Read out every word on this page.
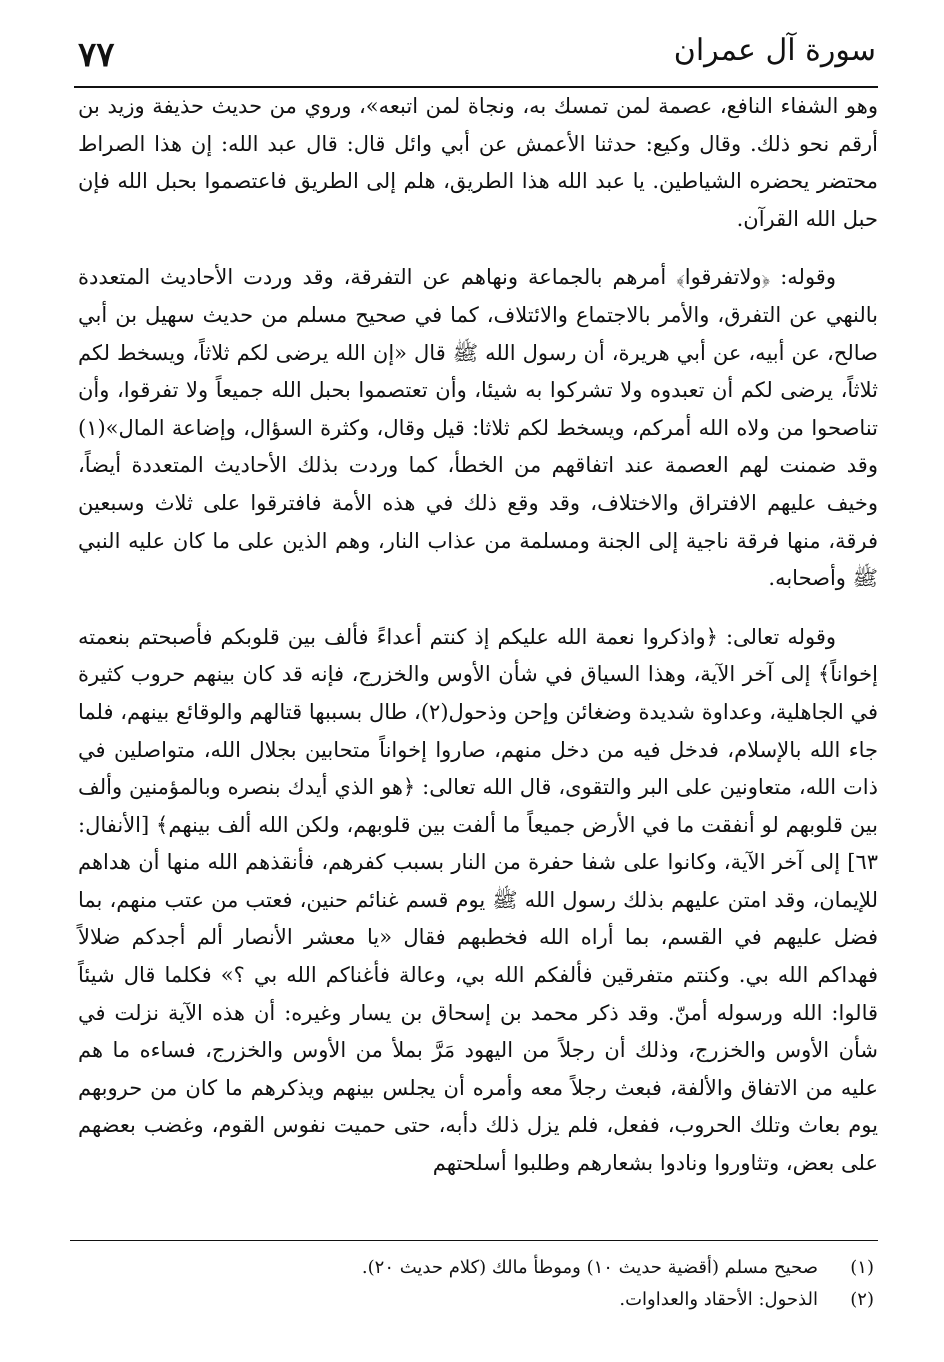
سورة آل عمران
٧٧

وهو الشفاء النافع، عصمة لمن تمسك به، ونجاة لمن اتبعه»، وروي من حديث حذيفة وزيد بن أرقم نحو ذلك. وقال وكيع: حدثنا الأعمش عن أبي وائل قال: قال عبد الله: إن هذا الصراط محتضر يحضره الشياطين. يا عبد الله هذا الطريق، هلم إلى الطريق فاعتصموا بحبل الله فإن حبل الله القرآن.

وقوله: ﴿ولاتفرقوا﴾ أمرهم بالجماعة ونهاهم عن التفرقة، وقد وردت الأحاديث المتعددة بالنهي عن التفرق، والأمر بالاجتماع والائتلاف، كما في صحيح مسلم من حديث سهيل بن أبي صالح، عن أبيه، عن أبي هريرة، أن رسول الله ﷺ قال «إن الله يرضى لكم ثلاثاً، ويسخط لكم ثلاثاً، يرضى لكم أن تعبدوه ولا تشركوا به شيئا، وأن تعتصموا بحبل الله جميعاً ولا تفرقوا، وأن تناصحوا من ولاه الله أمركم، ويسخط لكم ثلاثا: قيل وقال، وكثرة السؤال، وإضاعة المال»(١) وقد ضمنت لهم العصمة عند اتفاقهم من الخطأ، كما وردت بذلك الأحاديث المتعددة أيضاً، وخيف عليهم الافتراق والاختلاف، وقد وقع ذلك في هذه الأمة فافترقوا على ثلاث وسبعين فرقة، منها فرقة ناجية إلى الجنة ومسلمة من عذاب النار، وهم الذين على ما كان عليه النبي ﷺ وأصحابه.

وقوله تعالى: ﴿واذكروا نعمة الله عليكم إذ كنتم أعداءً فألف بين قلوبكم فأصبحتم بنعمته إخواناً﴾ إلى آخر الآية، وهذا السياق في شأن الأوس والخزرج، فإنه قد كان بينهم حروب كثيرة في الجاهلية، وعداوة شديدة وضغائن وإحن وذحول(٢)، طال بسببها قتالهم والوقائع بينهم، فلما جاء الله بالإسلام، فدخل فيه من دخل منهم، صاروا إخواناً متحابين بجلال الله، متواصلين في ذات الله، متعاونين على البر والتقوى، قال الله تعالى: ﴿هو الذي أيدك بنصره وبالمؤمنين وألف بين قلوبهم لو أنفقت ما في الأرض جميعاً ما ألفت بين قلوبهم، ولكن الله ألف بينهم﴾ [الأنفال: ٦٣] إلى آخر الآية، وكانوا على شفا حفرة من النار بسبب كفرهم، فأنقذهم الله منها أن هداهم للإيمان، وقد امتن عليهم بذلك رسول الله ﷺ يوم قسم غنائم حنين، فعتب من عتب منهم، بما فضل عليهم في القسم، بما أراه الله فخطبهم فقال «يا معشر الأنصار ألم أجدكم ضلالاً فهداكم الله بي. وكنتم متفرقين فألفكم الله بي، وعالة فأغناكم الله بي ؟» فكلما قال شيئاً قالوا: الله ورسوله أمنّ. وقد ذكر محمد بن إسحاق بن يسار وغيره: أن هذه الآية نزلت في شأن الأوس والخزرج، وذلك أن رجلاً من اليهود مَرَّ بملأ من الأوس والخزرج، فساءه ما هم عليه من الاتفاق والألفة، فبعث رجلاً معه وأمره أن يجلس بينهم ويذكرهم ما كان من حروبهم يوم بعاث وتلك الحروب، ففعل، فلم يزل ذلك دأبه، حتى حميت نفوس القوم، وغضب بعضهم على بعض، وتثاوروا ونادوا بشعارهم وطلبوا أسلحتهم

(١)
صحيح مسلم (أقضية حديث ١٠) وموطأ مالك (كلام حديث ٢٠).
(٢)
الذحول: الأحقاد والعداوات.
